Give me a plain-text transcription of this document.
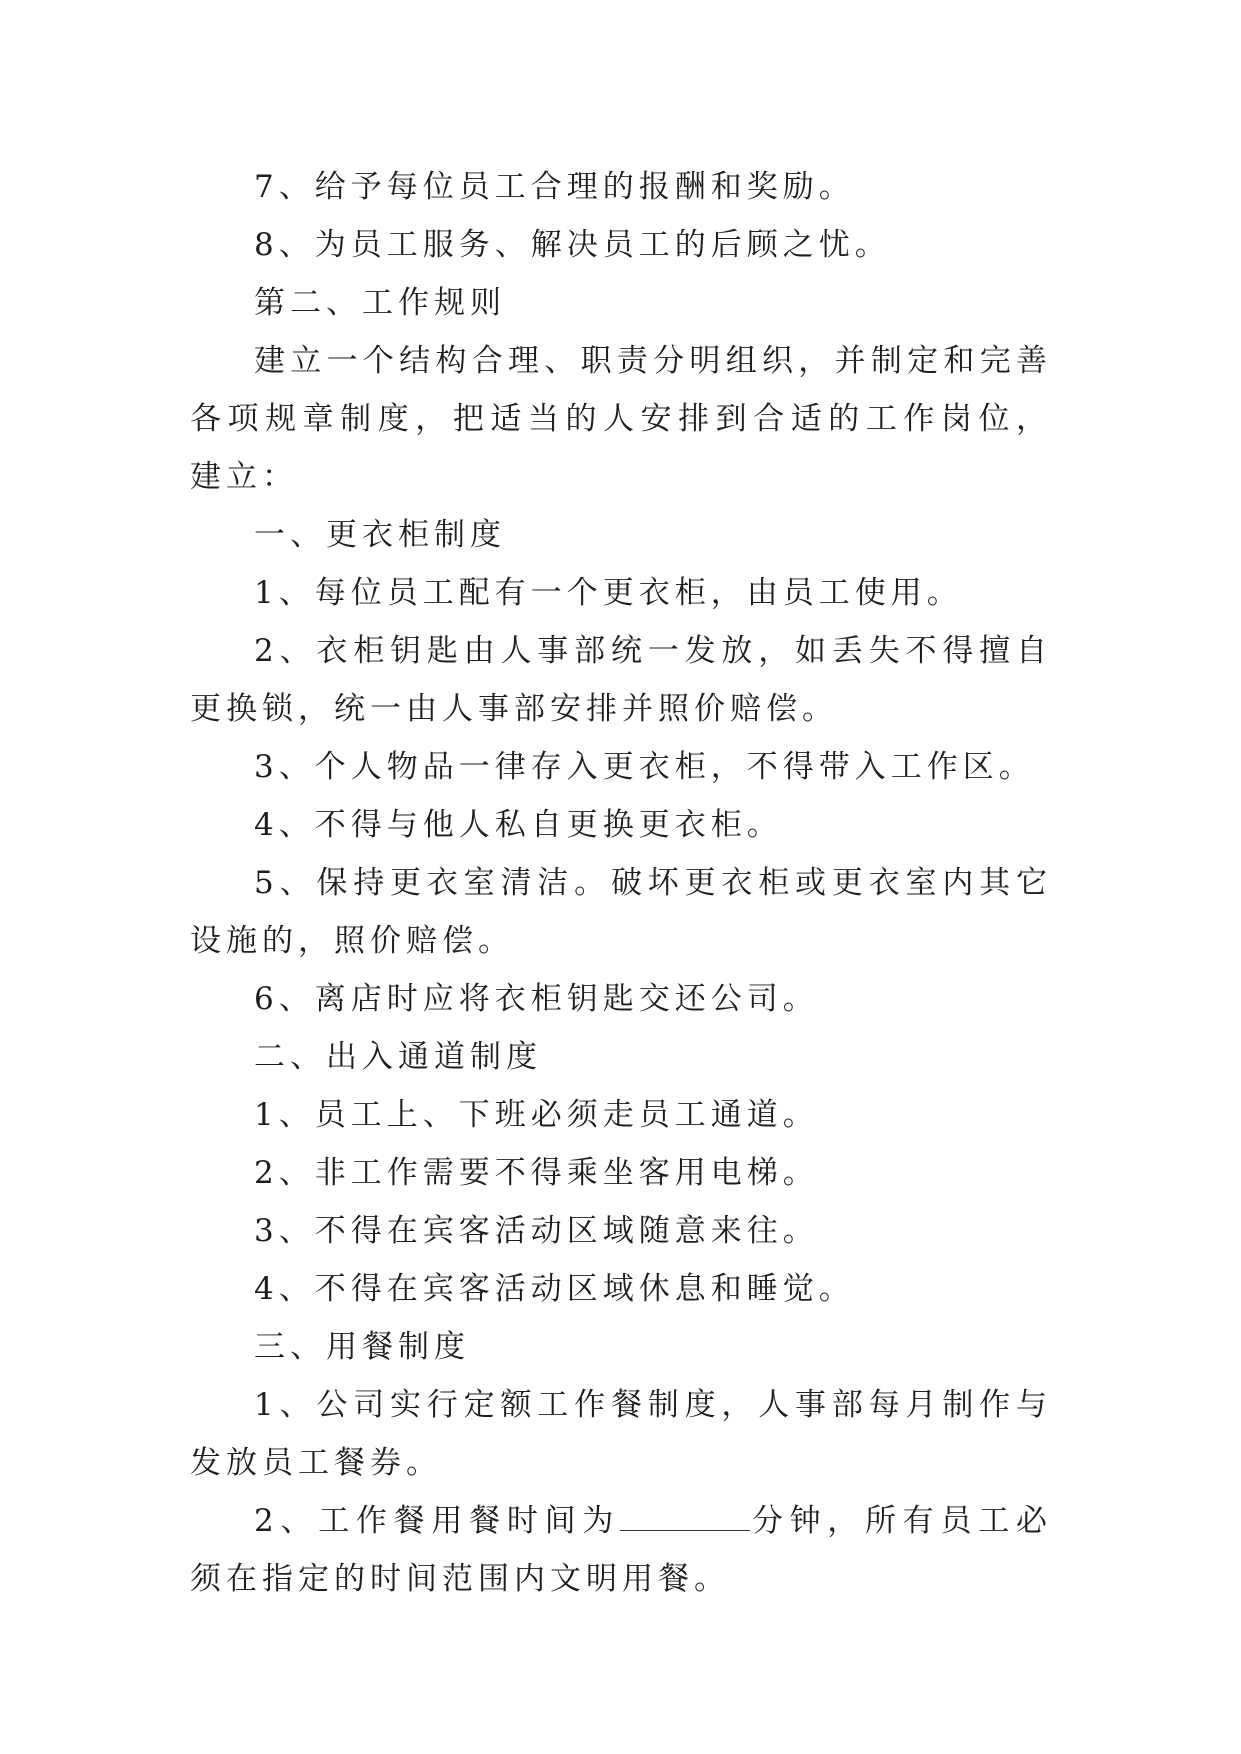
7、给予每位员工合理的报酬和奖励。

8、为员工服务、解决员工的后顾之忧。

第二、工作规则

建立一个结构合理、职责分明组织，并制定和完善各项规章制度，把适当的人安排到合适的工作岗位，建立：

一、更衣柜制度

1、每位员工配有一个更衣柜，由员工使用。

2、衣柜钥匙由人事部统一发放，如丢失不得擅自更换锁，统一由人事部安排并照价赔偿。

3、个人物品一律存入更衣柜，不得带入工作区。

4、不得与他人私自更换更衣柜。

5、保持更衣室清洁。破坏更衣柜或更衣室内其它设施的，照价赔偿。

6、离店时应将衣柜钥匙交还公司。

二、出入通道制度

1、员工上、下班必须走员工通道。

2、非工作需要不得乘坐客用电梯。

3、不得在宾客活动区域随意来往。

4、不得在宾客活动区域休息和睡觉。

三、用餐制度

1、公司实行定额工作餐制度，人事部每月制作与发放员工餐券。

2、工作餐用餐时间为	分钟，所有员工必须在指定的时间范围内文明用餐。
